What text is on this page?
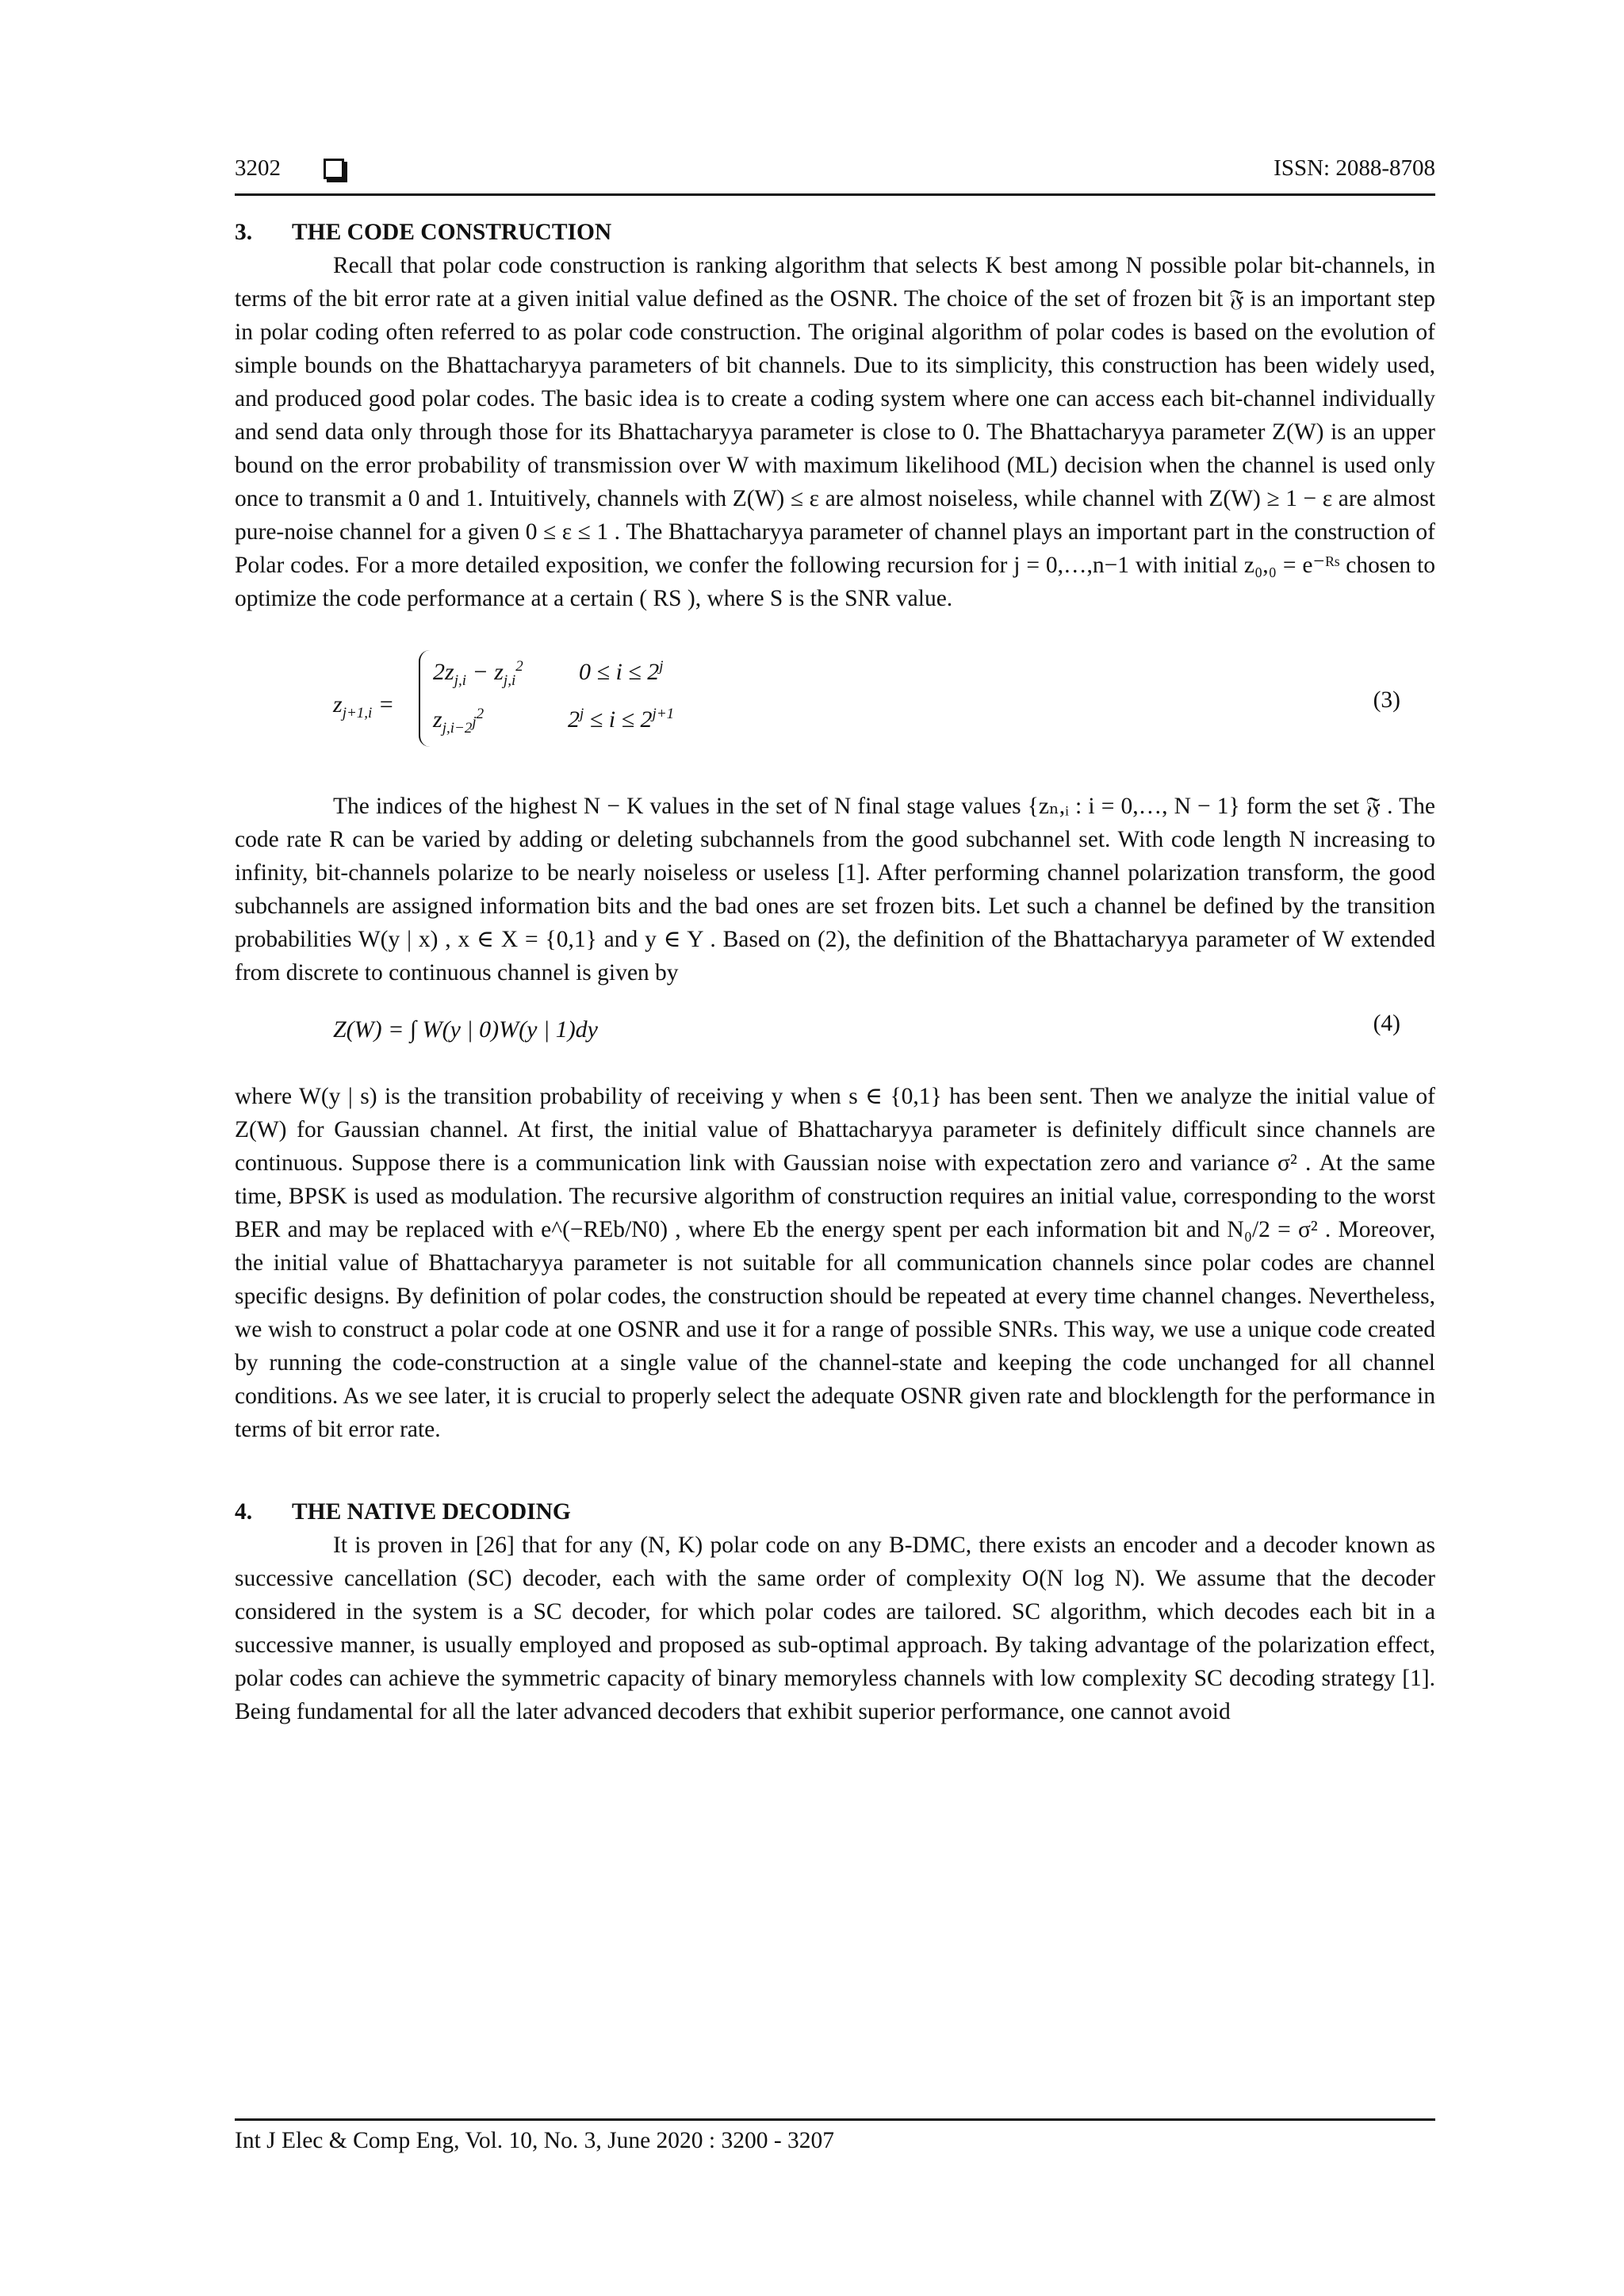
3202	ISSN: 2088-8708
3. THE CODE CONSTRUCTION

Recall that polar code construction is ranking algorithm that selects K best among N possible polar bit-channels, in terms of the bit error rate at a given initial value defined as the OSNR. The choice of the set of frozen bit 𝔉 is an important step in polar coding often referred to as polar code construction. The original algorithm of polar codes is based on the evolution of simple bounds on the Bhattacharyya parameters of bit channels. Due to its simplicity, this construction has been widely used, and produced good polar codes. The basic idea is to create a coding system where one can access each bit-channel individually and send data only through those for its Bhattacharyya parameter is close to 0. The Bhattacharyya parameter Z(W) is an upper bound on the error probability of transmission over W with maximum likelihood (ML) decision when the channel is used only once to transmit a 0 and 1. Intuitively, channels with Z(W) ≤ ε are almost noiseless, while channel with Z(W) ≥ 1 − ε are almost pure-noise channel for a given 0 ≤ ε ≤ 1 . The Bhattacharyya parameter of channel plays an important part in the construction of Polar codes. For a more detailed exposition, we confer the following recursion for j = 0,…,n−1 with initial z₀,₀ = e⁻ᴿˢ chosen to optimize the code performance at a certain ( RS ), where S is the SNR value.

$z_{j+1,i}$ =
$2z_{j,i} - z_{j,i}^2$ $0 \le i \le 2^j$
$z_{j,i-2^j}^2$	$2^j \le i \le 2^{j+1}$
(3)

The indices of the highest N − K values in the set of N final stage values {zₙ,ᵢ : i = 0,…, N − 1} form the set 𝔉 . The code rate R can be varied by adding or deleting subchannels from the good subchannel set. With code length N increasing to infinity, bit-channels polarize to be nearly noiseless or useless [1]. After performing channel polarization transform, the good subchannels are assigned information bits and the bad ones are set frozen bits. Let such a channel be defined by the transition probabilities W(y | x) , x ∈ X = {0,1} and y ∈ Y . Based on (2), the definition of the Bhattacharyya parameter of W extended from discrete to continuous channel is given by

Z(W) = ∫ W(y | 0)W(y | 1)dy	(4)

where W(y | s) is the transition probability of receiving y when s ∈ {0,1} has been sent. Then we analyze the initial value of Z(W) for Gaussian channel. At first, the initial value of Bhattacharyya parameter is definitely difficult since channels are continuous. Suppose there is a communication link with Gaussian noise with expectation zero and variance σ² . At the same time, BPSK is used as modulation. The recursive algorithm of construction requires an initial value, corresponding to the worst BER and may be replaced with e^(−REb/N0) , where Eb the energy spent per each information bit and N₀/2 = σ² . Moreover, the initial value of Bhattacharyya parameter is not suitable for all communication channels since polar codes are channel specific designs. By definition of polar codes, the construction should be repeated at every time channel changes. Nevertheless, we wish to construct a polar code at one OSNR and use it for a range of possible SNRs. This way, we use a unique code created by running the code-construction at a single value of the channel-state and keeping the code unchanged for all channel conditions. As we see later, it is crucial to properly select the adequate OSNR given rate and blocklength for the performance in terms of bit error rate.

4. THE NATIVE DECODING

It is proven in [26] that for any (N, K) polar code on any B-DMC, there exists an encoder and a decoder known as successive cancellation (SC) decoder, each with the same order of complexity O(N log N). We assume that the decoder considered in the system is a SC decoder, for which polar codes are tailored. SC algorithm, which decodes each bit in a successive manner, is usually employed and proposed as sub-optimal approach. By taking advantage of the polarization effect, polar codes can achieve the symmetric capacity of binary memoryless channels with low complexity SC decoding strategy [1]. Being fundamental for all the later advanced decoders that exhibit superior performance, one cannot avoid

Int J Elec & Comp Eng, Vol. 10, No. 3, June 2020 : 3200 - 3207
